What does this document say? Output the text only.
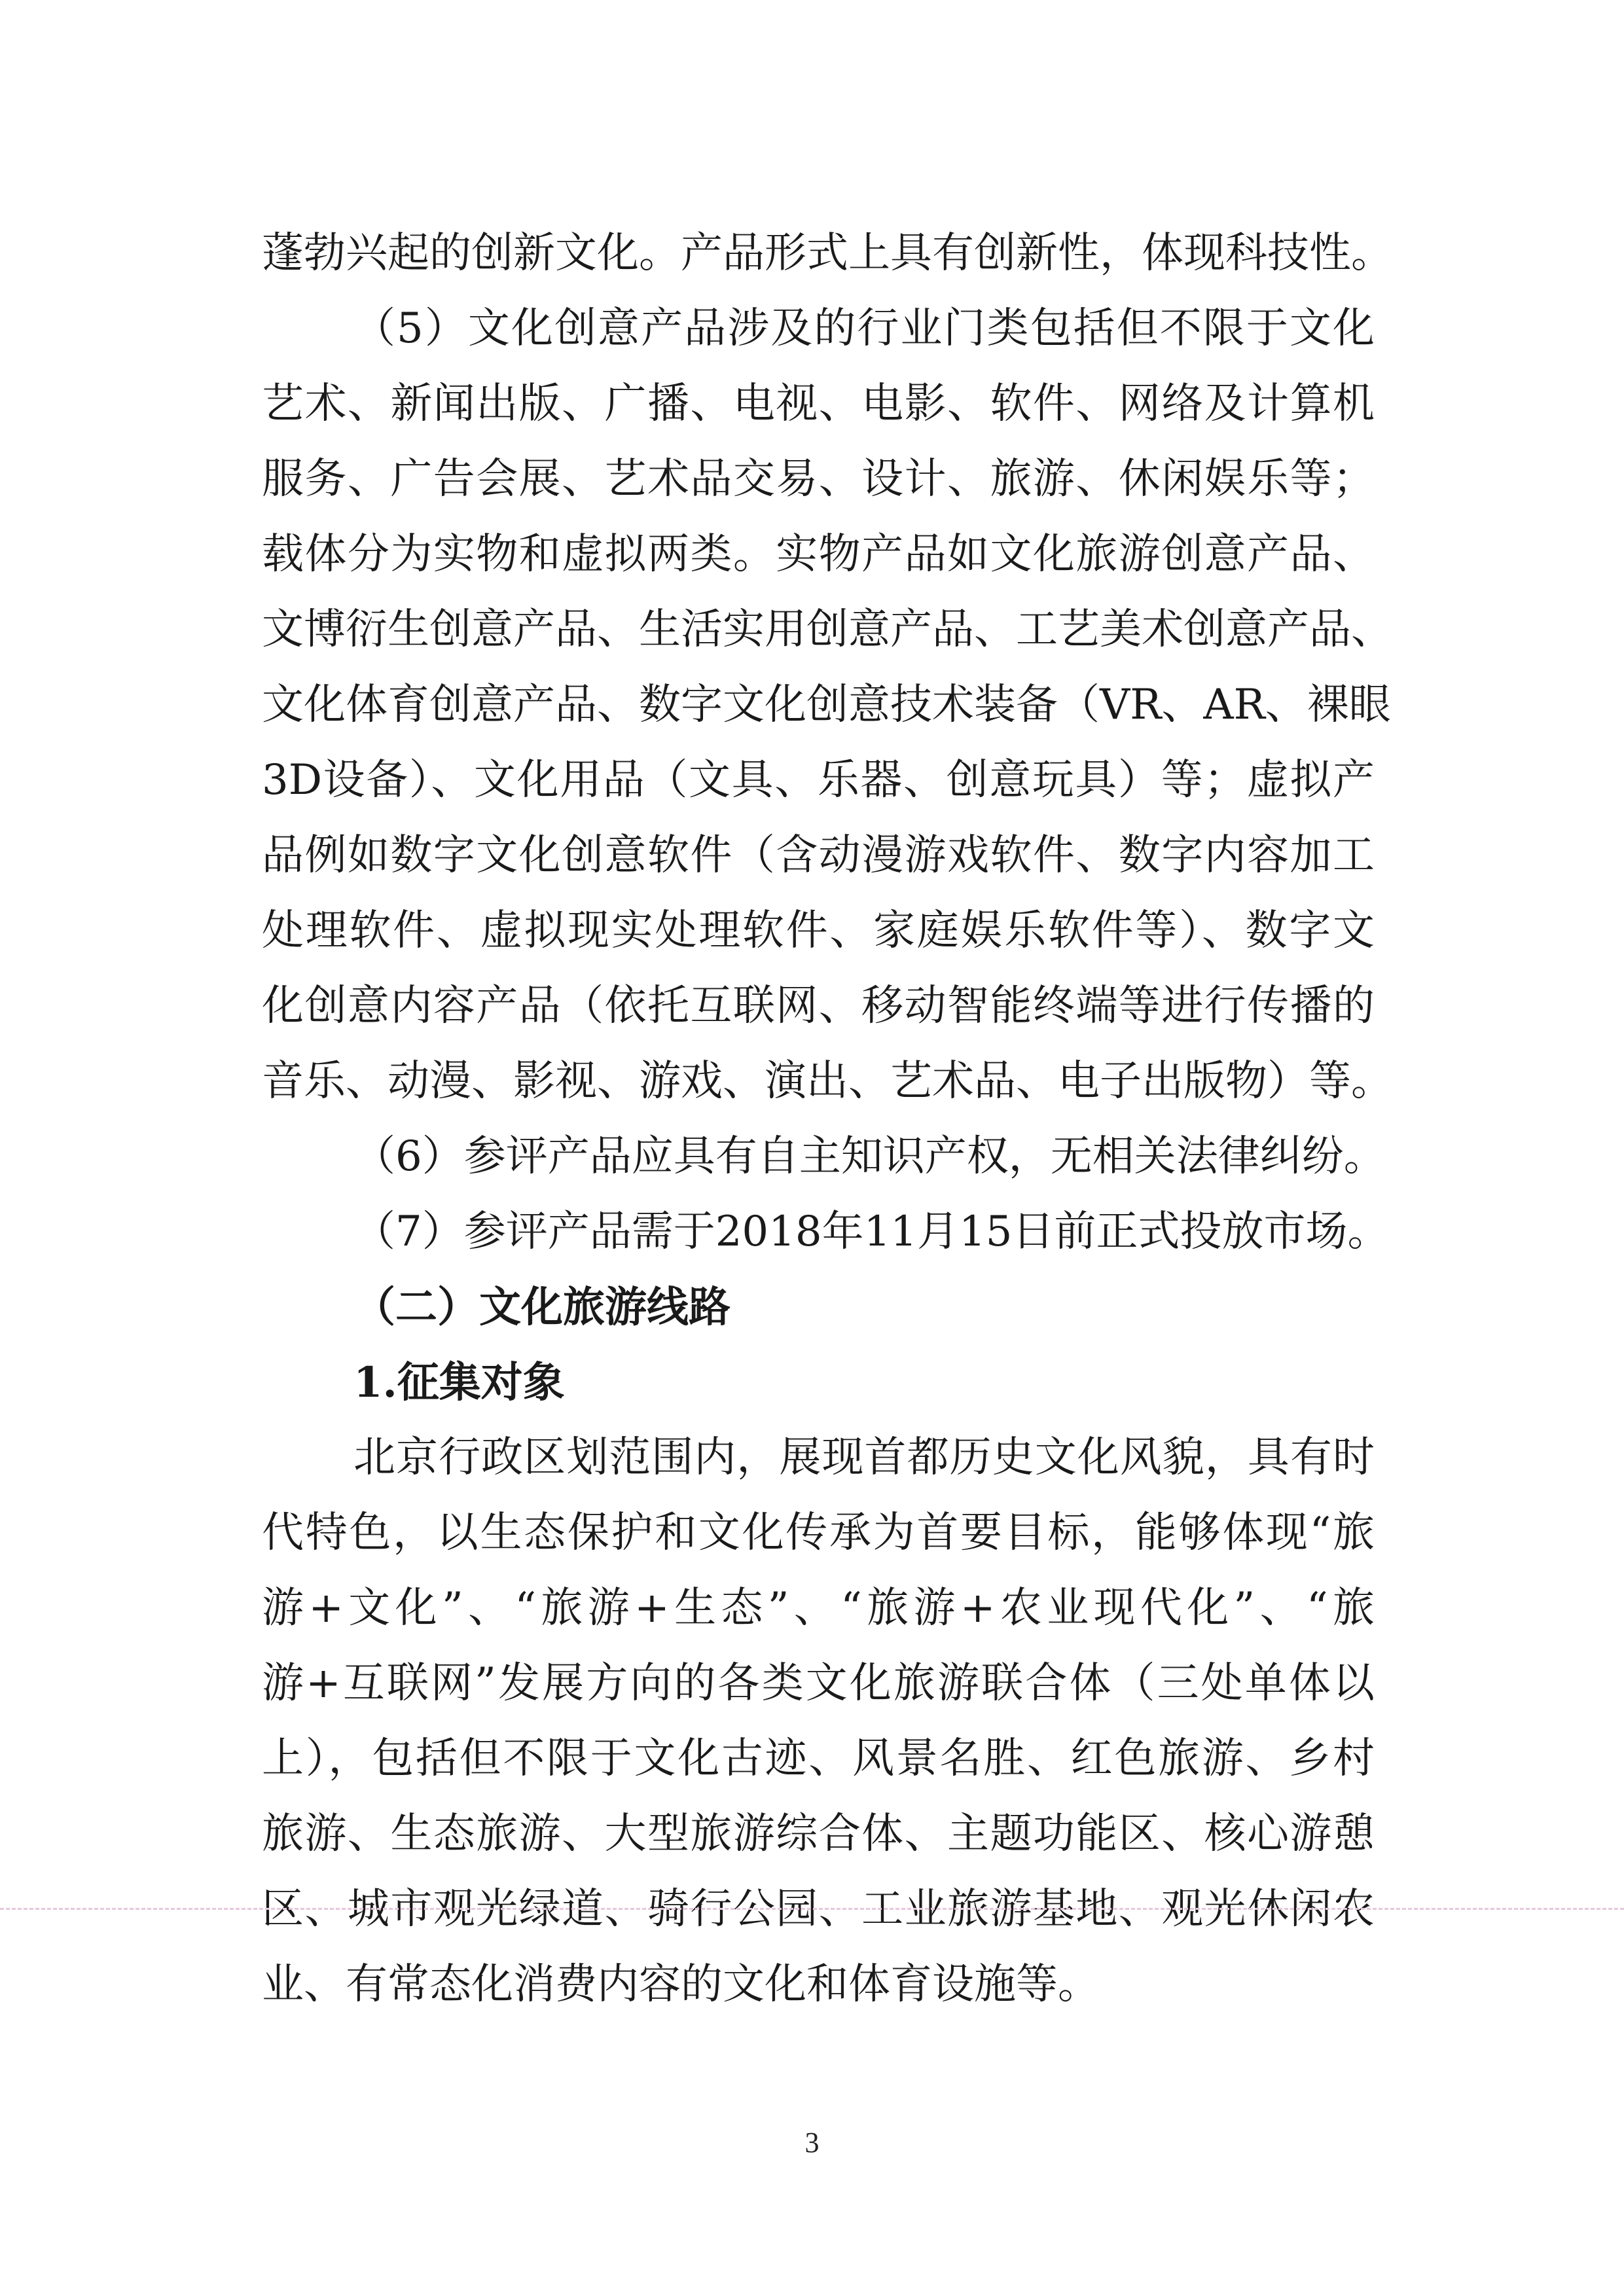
蓬勃兴起的创新文化。产品形式上具有创新性，体现科技性。
（5）文化创意产品涉及的行业门类包括但不限于文化
艺术、新闻出版、广播、电视、电影、软件、网络及计算机
服务、广告会展、艺术品交易、设计、旅游、休闲娱乐等；
载体分为实物和虚拟两类。实物产品如文化旅游创意产品、
文博衍生创意产品、生活实用创意产品、工艺美术创意产品、
文化体育创意产品、数字文化创意技术装备（VR、AR、裸眼
3D设备）、文化用品（文具、乐器、创意玩具）等；虚拟产
品例如数字文化创意软件（含动漫游戏软件、数字内容加工
处理软件、虚拟现实处理软件、家庭娱乐软件等）、数字文
化创意内容产品（依托互联网、移动智能终端等进行传播的
音乐、动漫、影视、游戏、演出、艺术品、电子出版物）等。
（6）参评产品应具有自主知识产权，无相关法律纠纷。
（7）参评产品需于2018年11月15日前正式投放市场。
（二）文化旅游线路
1.征集对象
北京行政区划范围内，展现首都历史文化风貌，具有时
代特色，以生态保护和文化传承为首要目标，能够体现“旅
游+文化”、“旅游+生态”、“旅游+农业现代化”、“旅
游+互联网”发展方向的各类文化旅游联合体（三处单体以
上），包括但不限于文化古迹、风景名胜、红色旅游、乡村
旅游、生态旅游、大型旅游综合体、主题功能区、核心游憩
区、城市观光绿道、骑行公园、工业旅游基地、观光休闲农
业、有常态化消费内容的文化和体育设施等。
3
